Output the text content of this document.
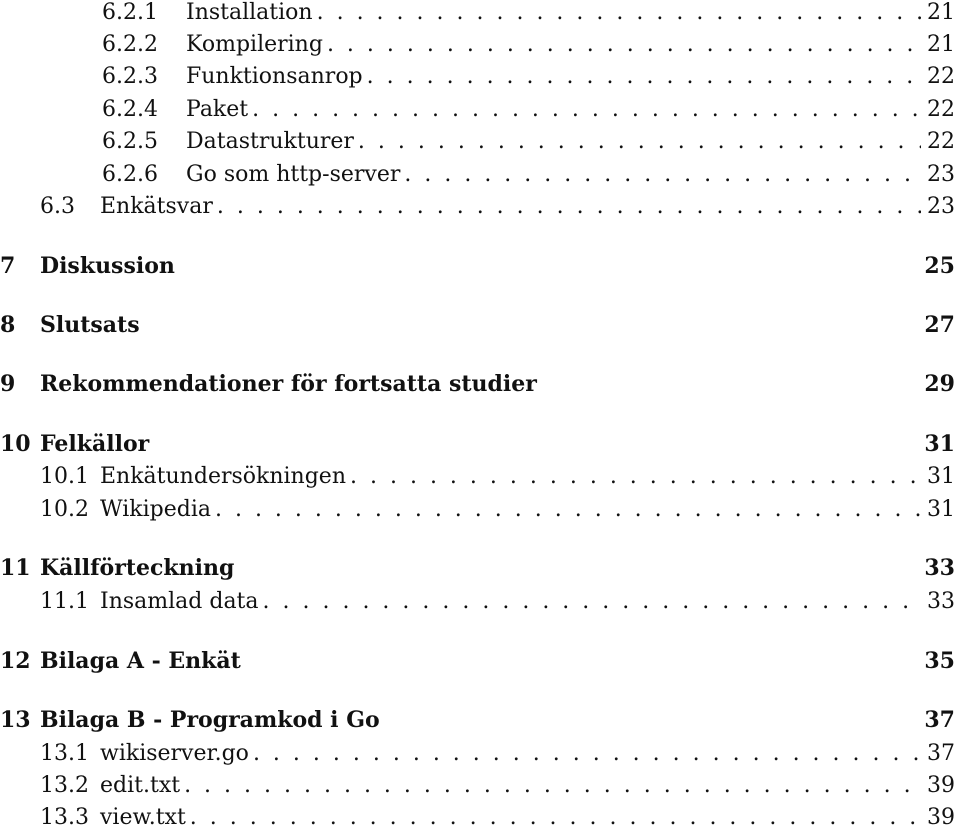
6.2.1	Installation . . .	21
6.2.2	Kompilering . . .	21
6.2.3	Funktionsanrop . . .	22
6.2.4	Paket . . .	22
6.2.5	Datastrukturer . . .	22
6.2.6	Go som http-server . . .	23
6.3	Enkätsvar . . .	23
7	Diskussion	25
8	Slutsats	27
9	Rekommendationer för fortsatta studier	29
10 Felkällor	31
10.1 Enkätundersökningen . . .	31
10.2 Wikipedia . . .	31
11 Källförteckning	33
11.1 Insamlad data . . .	33
12 Bilaga A - Enkät	35
13 Bilaga B - Programkod i Go	37
13.1 wikiserver.go . . .	37
13.2 edit.txt . . .	39
13.3 view.txt . . .	39
